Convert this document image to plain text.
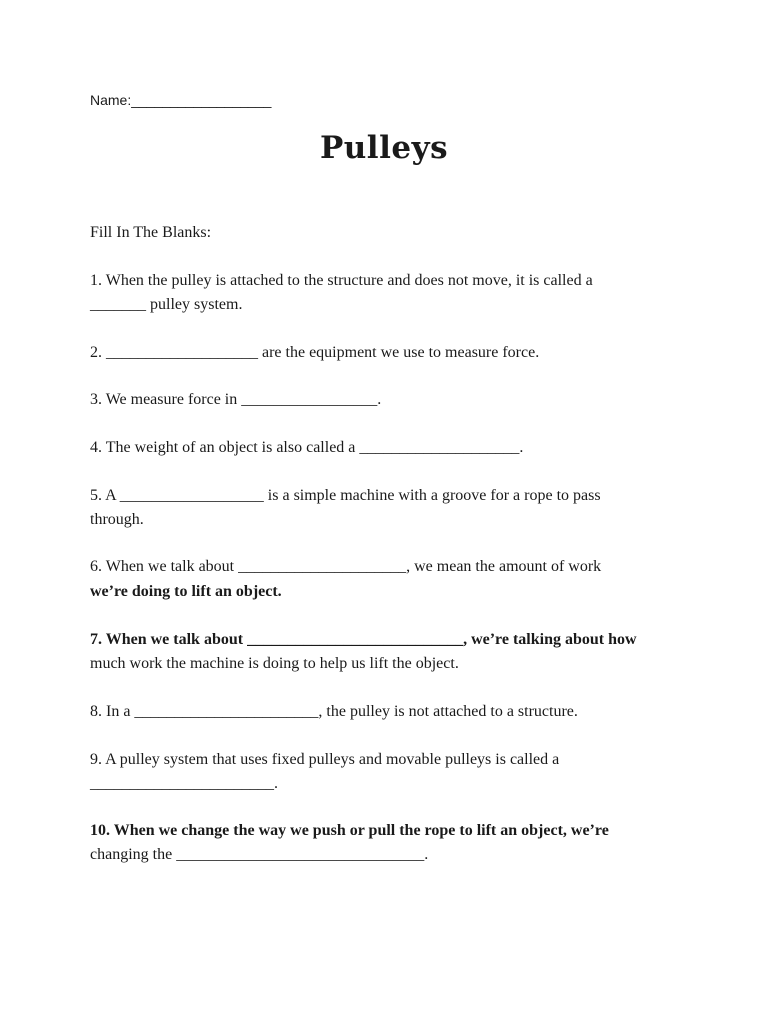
Name:__________________
Pulleys

Fill In The Blanks:

1. When the pulley is attached to the structure and does not move, it is called a

_______ pulley system.

2. ___________________ are the equipment we use to measure force.

3. We measure force in _________________.

4. The weight of an object is also called a ____________________.

5. A __________________ is a simple machine with a groove for a rope to pass

through.

6. When we talk about _____________________, we mean the amount of work

we’re doing to lift an object.

7. When we talk about ___________________________, we’re talking about how

much work the machine is doing to help us lift the object.

8. In a _______________________, the pulley is not attached to a structure.

9. A pulley system that uses fixed pulleys and movable pulleys is called a

_______________________.

10. When we change the way we push or pull the rope to lift an object, we’re

changing the _______________________________.
